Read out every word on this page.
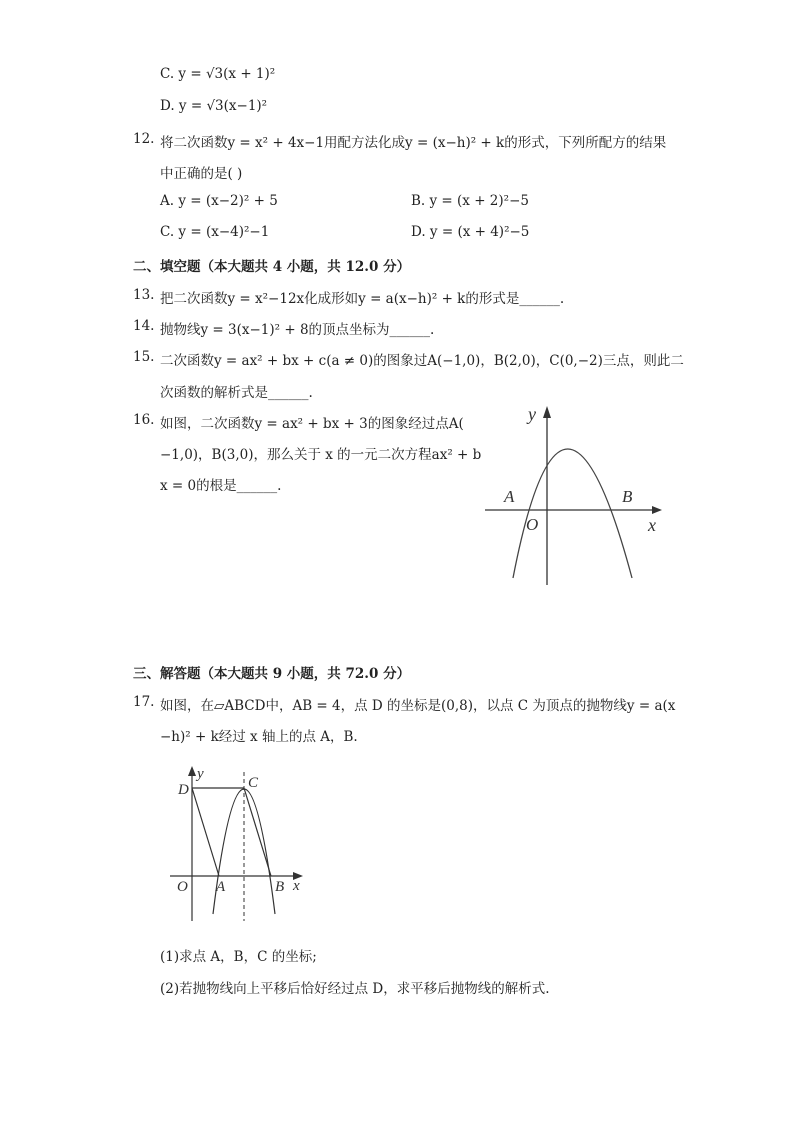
C. y = √3(x + 1)²
D. y = √3(x−1)²
12. 将二次函数y = x² + 4x−1用配方法化成y = (x−h)² + k的形式，下列所配方的结果
中正确的是( )
A. y = (x−2)² + 5	B. y = (x + 2)²−5
C. y = (x−4)²−1	D. y = (x + 4)²−5
二、填空题（本大题共 4 小题，共 12.0 分）
13. 把二次函数y = x²−12x化成形如y = a(x−h)² + k的形式是______.
14. 抛物线y = 3(x−1)² + 8的顶点坐标为______.
15. 二次函数y = ax² + bx + c(a ≠ 0)的图象过A(−1,0)，B(2,0)，C(0,−2)三点，则此二
次函数的解析式是______.
16. 如图，二次函数y = ax² + bx + 3的图象经过点A(
−1,0)，B(3,0)，那么关于 x 的一元二次方程ax² + b
x = 0的根是______.
y
x
O
A	B
三、解答题（本大题共 9 小题，共 72.0 分）
17. 如图，在▱ABCD中，AB = 4，点 D 的坐标是(0,8)，以点 C 为顶点的抛物线y = a(x
−h)² + k经过 x 轴上的点 A，B.
D
y
C
O A	B x
(1)求点 A，B，C 的坐标;
(2)若抛物线向上平移后恰好经过点 D，求平移后抛物线的解析式.
